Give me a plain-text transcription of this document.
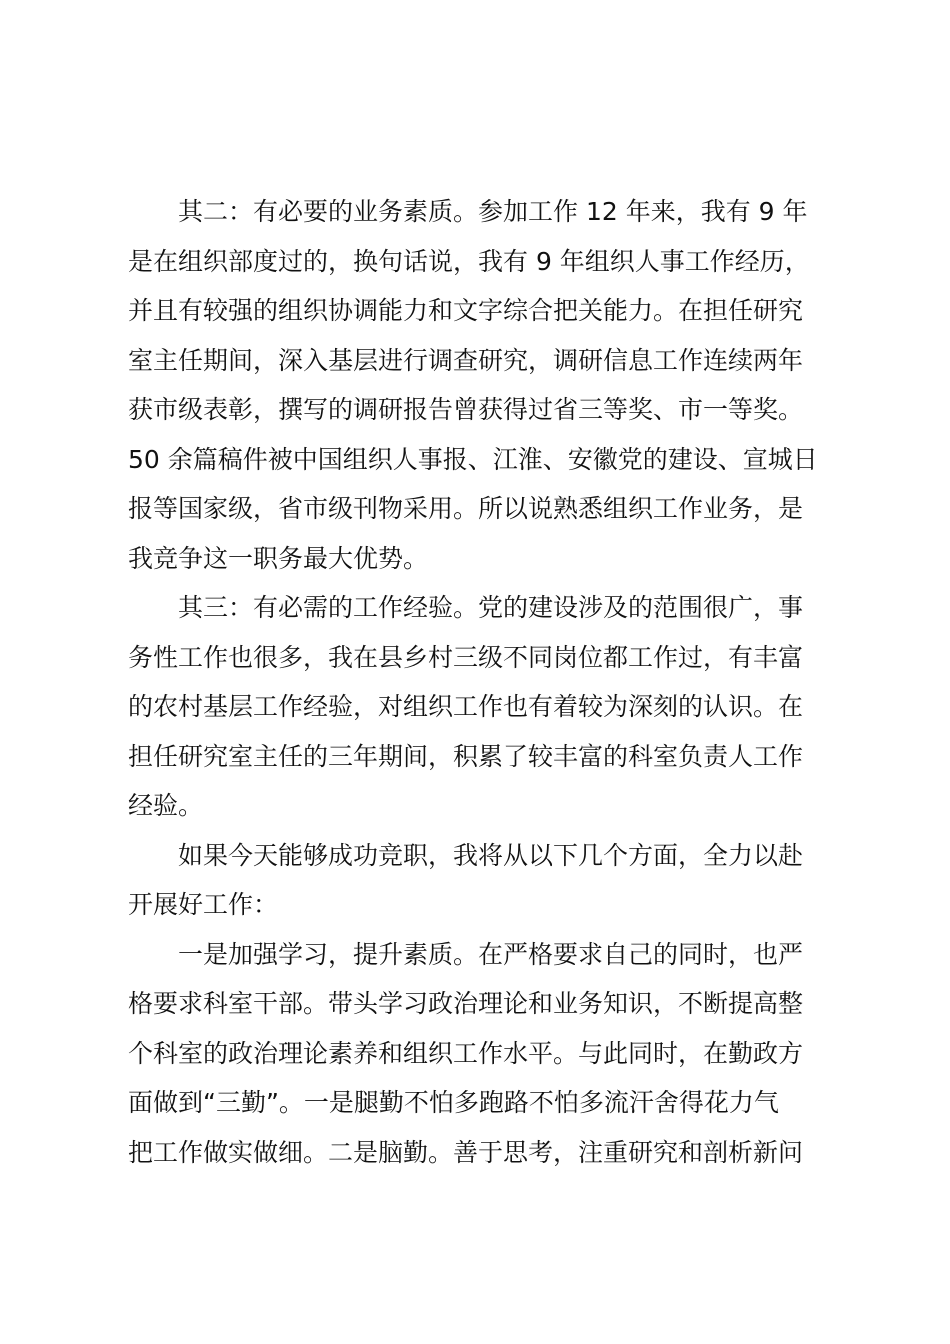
其二：有必要的业务素质。参加工作 12 年来，我有 9 年
是在组织部度过的，换句话说，我有 9 年组织人事工作经历，
并且有较强的组织协调能力和文字综合把关能力。在担任研究
室主任期间，深入基层进行调查研究，调研信息工作连续两年
获市级表彰，撰写的调研报告曾获得过省三等奖、市一等奖。
50 余篇稿件被中国组织人事报、江淮、安徽党的建设、宣城日
报等国家级，省市级刊物采用。所以说熟悉组织工作业务，是
我竞争这一职务最大优势。
其三：有必需的工作经验。党的建设涉及的范围很广，事
务性工作也很多，我在县乡村三级不同岗位都工作过，有丰富
的农村基层工作经验，对组织工作也有着较为深刻的认识。在
担任研究室主任的三年期间，积累了较丰富的科室负责人工作
经验。
如果今天能够成功竞职，我将从以下几个方面，全力以赴
开展好工作：
一是加强学习，提升素质。在严格要求自己的同时，也严
格要求科室干部。带头学习政治理论和业务知识，不断提高整
个科室的政治理论素养和组织工作水平。与此同时，在勤政方
面做到“三勤”。一是腿勤不怕多跑路不怕多流汗舍得花力气
把工作做实做细。二是脑勤。善于思考，注重研究和剖析新问
